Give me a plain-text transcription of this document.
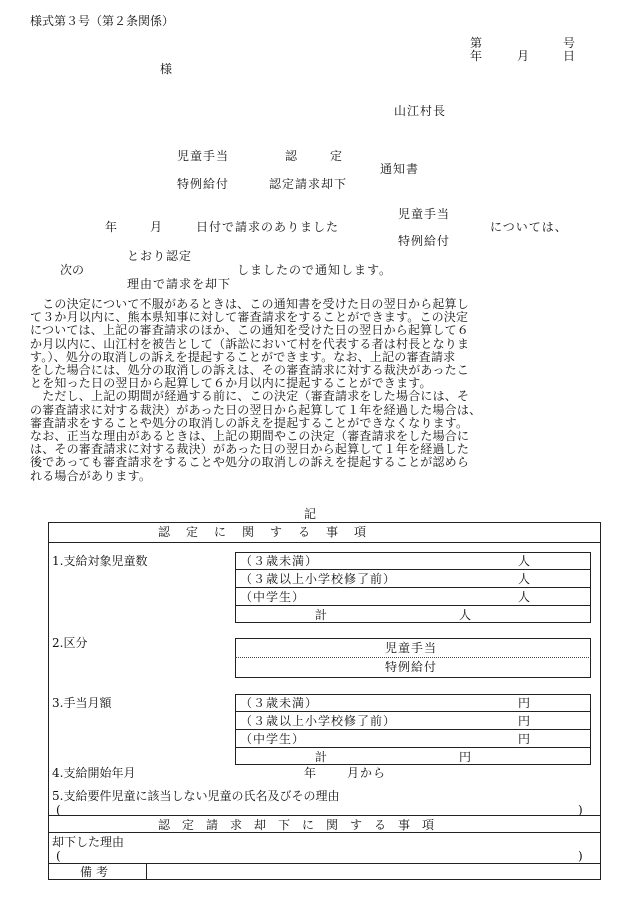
様式第３号（第２条関係）
第	号
年	月	日
様
山江村長
児童手当	認	定
通知書
特例給付	認定請求却下
児童手当
年	月	日付で請求のありました	については、
特例給付
とおり認定
次の	しましたので通知します。
理由で請求を却下

　この決定について不服があるときは、この通知書を受けた日の翌日から起算し

て３か月以内に、熊本県知事に対して審査請求をすることができます。この決定

については、上記の審査請求のほか、この通知を受けた日の翌日から起算して６

か月以内に、山江村を被告として（訴訟において村を代表する者は村長となりま

す。）、処分の取消しの訴えを提起することができます。なお、上記の審査請求

をした場合には、処分の取消しの訴えは、その審査請求に対する裁決があったこ

とを知った日の翌日から起算して６か月以内に提起することができます。

　ただし、上記の期間が経過する前に、この決定（審査請求をした場合には、そ

の審査請求に対する裁決）があった日の翌日から起算して１年を経過した場合は、

審査請求をすることや処分の取消しの訴えを提起することができなくなります。

なお、正当な理由があるときは、上記の期間やこの決定（審査請求をした場合に

は、その審査請求に対する裁決）があった日の翌日から起算して１年を経過した

後であっても審査請求をすることや処分の取消しの訴えを提起することが認めら

れる場合があります。

記
認定に関する事項
1.支給対象児童数	（３歳未満）	人
（３歳以上小学校修了前）	人
（中学生）	人
計	人
2.区分	児童手当
特例給付
3.手当月額	（３歳未満）	円
（３歳以上小学校修了前）	円
（中学生）	円
計	円
4.支給開始年月	年	月から
5.支給要件児童に該当しない児童の氏名及びその理由
(	)
認定請求却下に関する事項
却下した理由
(	)
備考
